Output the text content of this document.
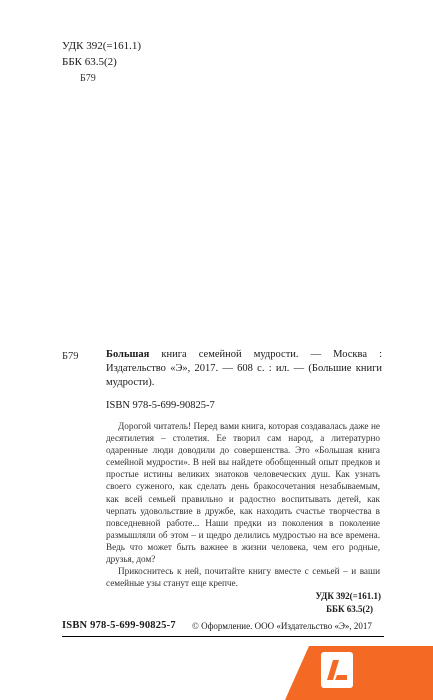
УДК 392(=161.1)
ББК 63.5(2)
Б79
Б79	Большая книга семейной мудрости. — Москва : Издательство «Э», 2017. — 608 с. : ил. — (Большие книги мудрости).
ISBN 978-5-699-90825-7

Дорогой читатель! Перед вами книга, которая создавалась даже не десятилетия – столетия. Ее творил сам народ, а литературно одаренные люди доводили до совершенства. Это «Большая книга семейной мудрости». В ней вы найдете обобщенный опыт предков и простые истины великих знатоков человеческих душ. Как узнать своего суженого, как сделать день бракосочетания незабываемым, как всей семьей правильно и радостно воспитывать детей, как черпать удовольствие в дружбе, как находить счастье творчества в повседневной работе... Наши предки из поколения в поколение размышляли об этом – и щедро делились мудростью на все времена. Ведь что может быть важнее в жизни человека, чем его родные, друзья, дом?

Прикоснитесь к ней, почитайте книгу вместе с семьей – и ваши семейные узы станут еще крепче.

УДК 392(=161.1)
ББК 63.5(2)
ISBN 978-5-699-90825-7 © Оформление. ООО «Издательство «Э», 2017
